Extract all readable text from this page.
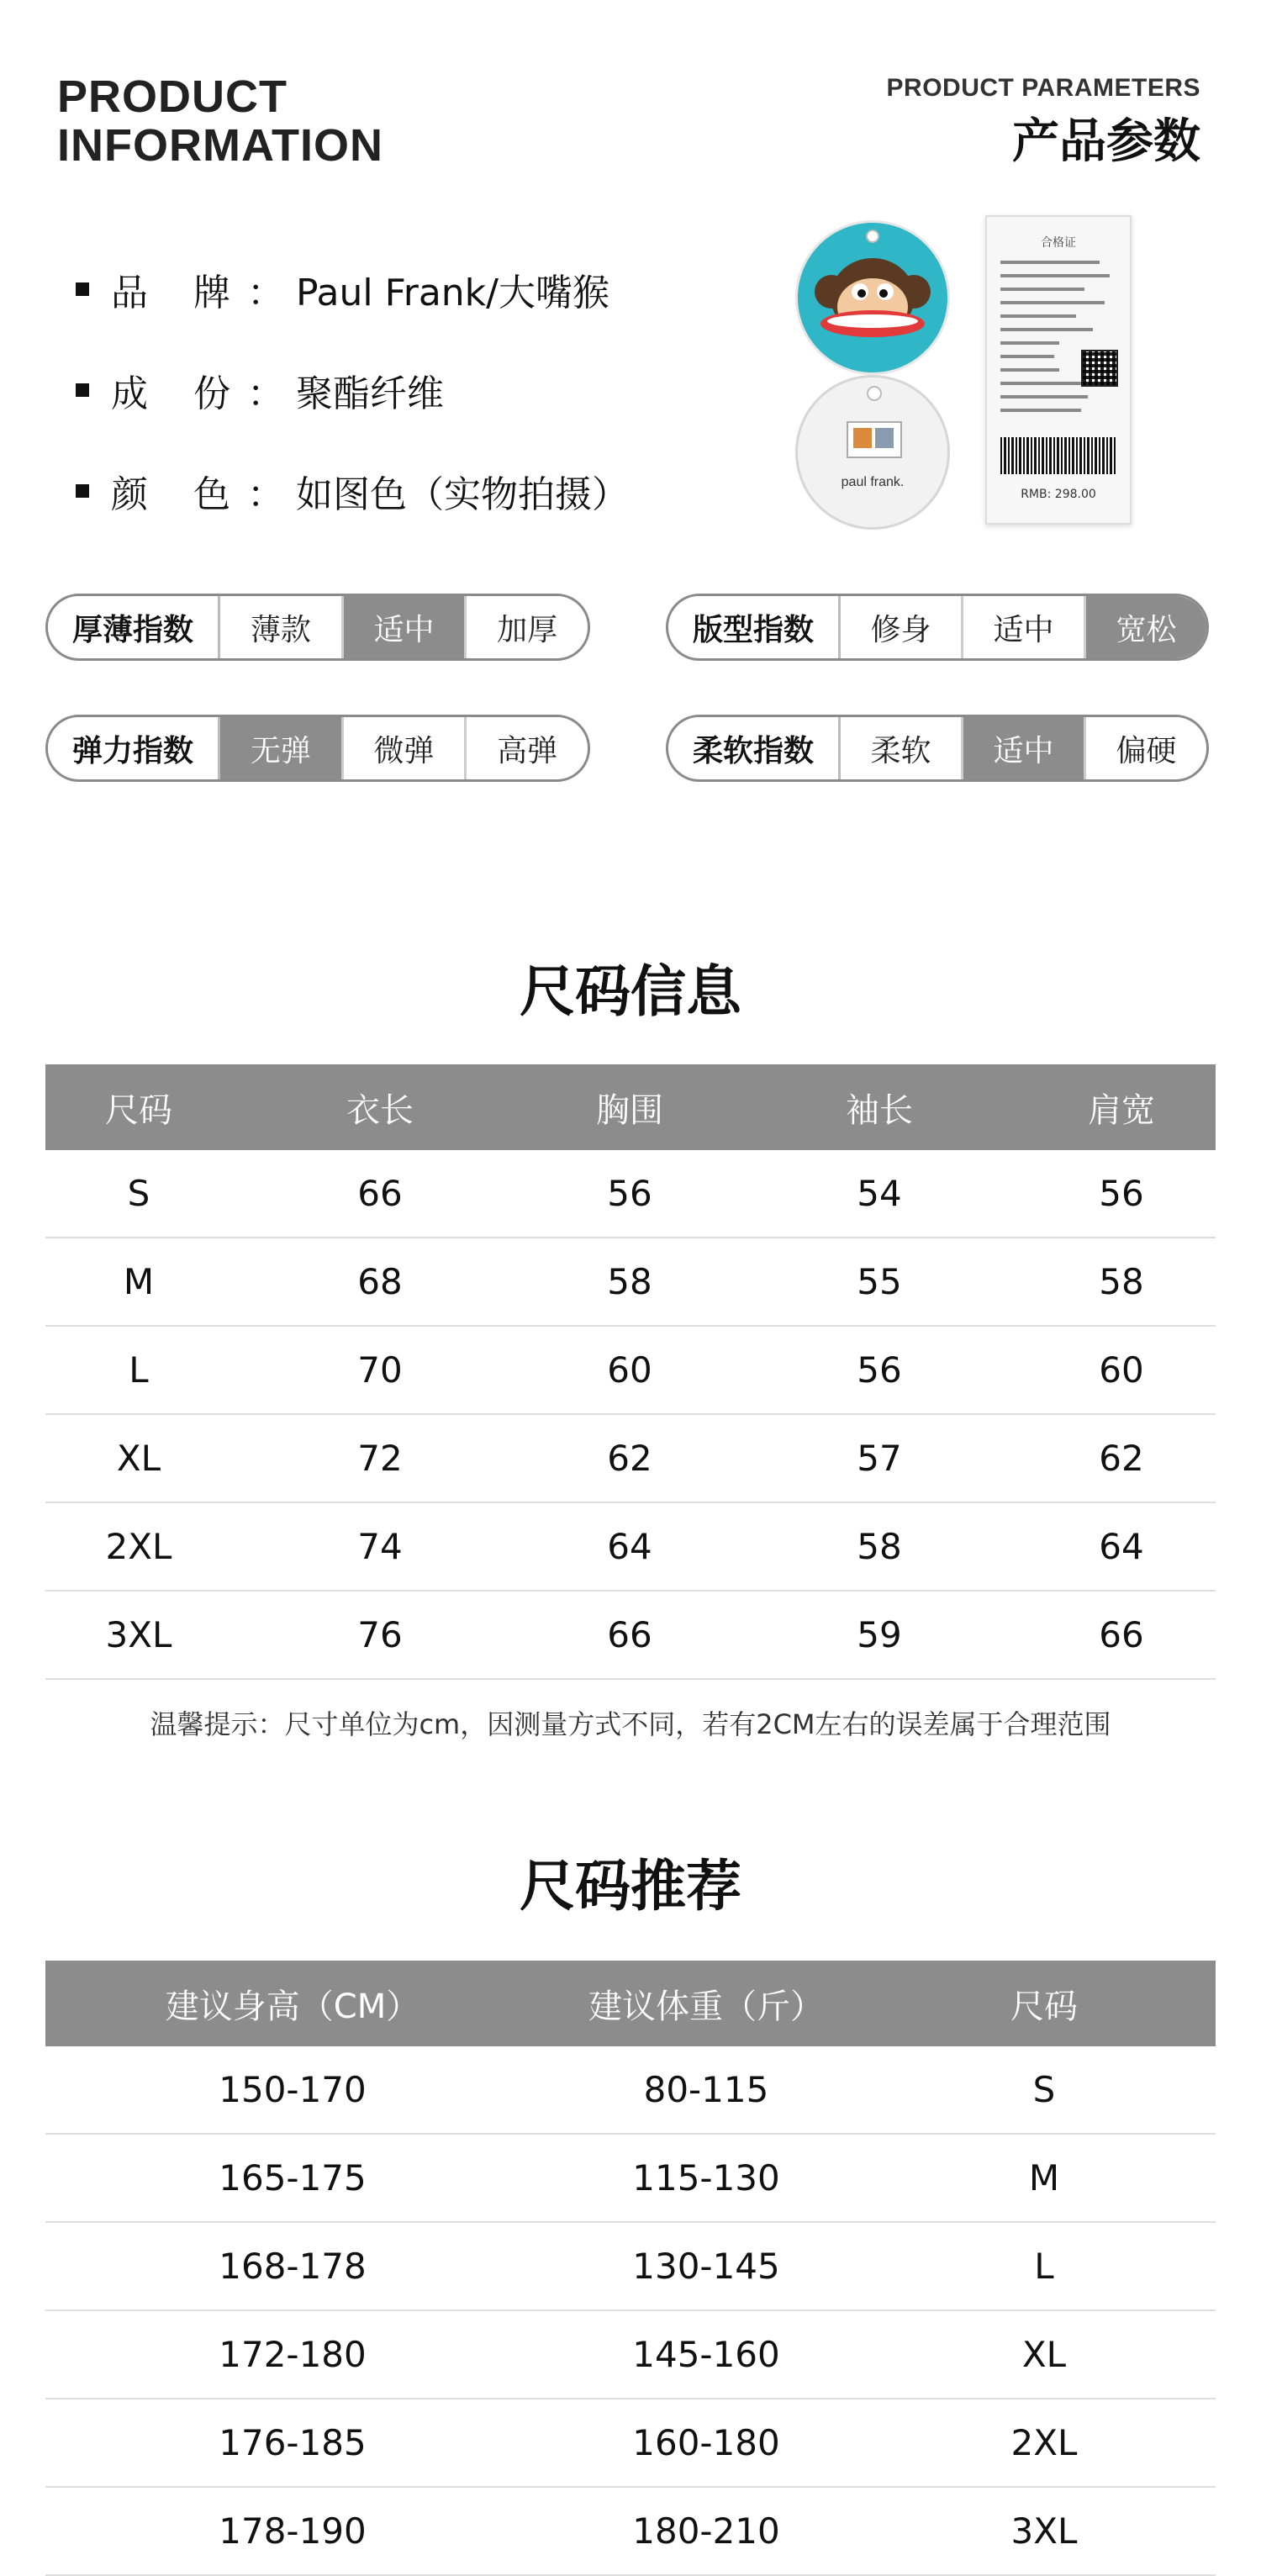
PRODUCT
INFORMATION
PRODUCT PARAMETERS
产品参数
品 牌：
Paul Frank/大嘴猴
成 份：
聚酯纤维
颜 色：
如图色（实物拍摄）	paul frank.
合格证
RMB: 298.00
厚薄指数	薄款	适中	加厚	版型指数	修身	适中	宽松
弹力指数	无弹	微弹	高弹	柔软指数	柔软	适中	偏硬
尺码信息
尺码	衣长	胸围	袖长	肩宽
S	66	56	54	56
M	68	58	55	58
L	70	60	56	60
XL	72	62	57	62
2XL	74	64	58	64
3XL	76	66	59	66
温馨提示：尺寸单位为cm，因测量方式不同，若有2CM左右的误差属于合理范围
尺码推荐
建议身高（CM）	建议体重（斤）	尺码
150-170	80-115	S
165-175	115-130	M
168-178	130-145	L
172-180	145-160	XL
176-185	160-180	2XL
178-190	180-210	3XL
